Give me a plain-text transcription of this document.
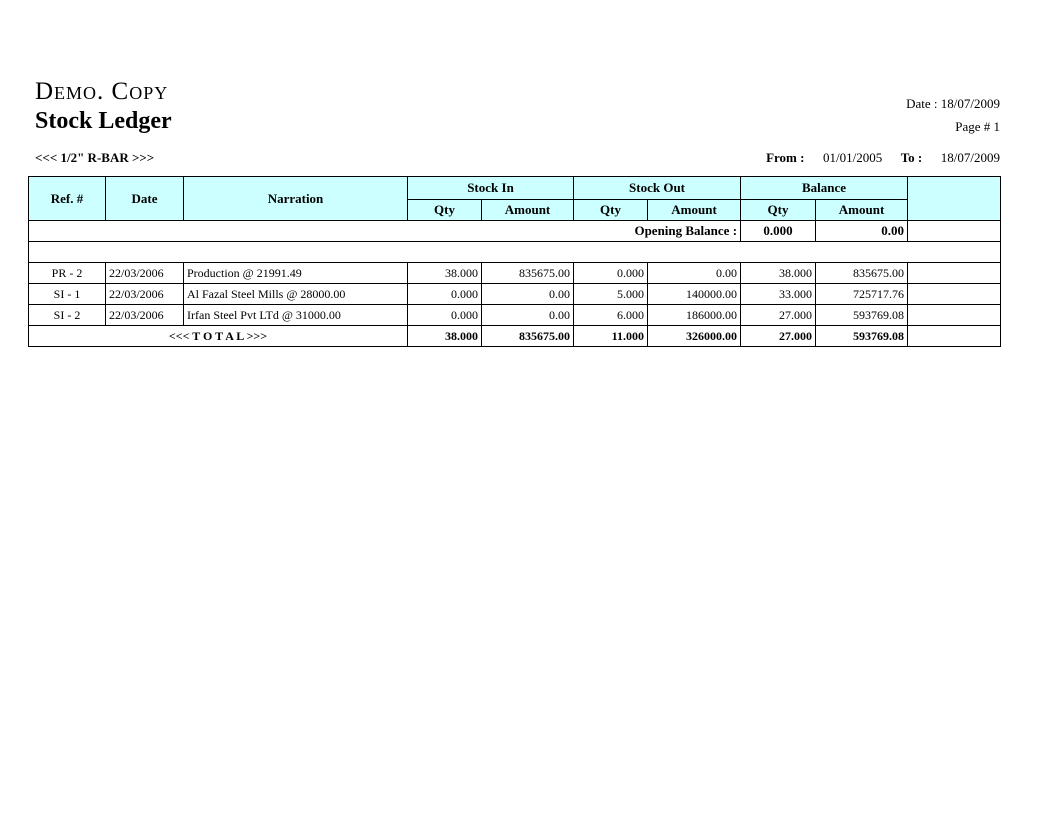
Demo. Copy
Stock Ledger
Date : 18/07/2009
Page # 1
<<< 1/2" R-BAR >>>	From : 01/01/2005 To : 18/07/2009
Ref. #	Date	Narration	Stock In		Stock Out		Balance		
			Qty	Amount	Qty	Amount	Qty	Amount	
Opening Balance :							0.000	0.00	

PR - 2	22/03/2006	Production @ 21991.49	38.000	835675.00	0.000	0.00	38.000	835675.00	
SI - 1	22/03/2006	Al Fazal Steel Mills @ 28000.00	0.000	0.00	5.000	140000.00	33.000	725717.76	
SI - 2	22/03/2006	Irfan Steel Pvt LTd @ 31000.00	0.000	0.00	6.000	186000.00	27.000	593769.08	
<<< T O T A L >>>			38.000	835675.00	11.000	326000.00	27.000	593769.08	
